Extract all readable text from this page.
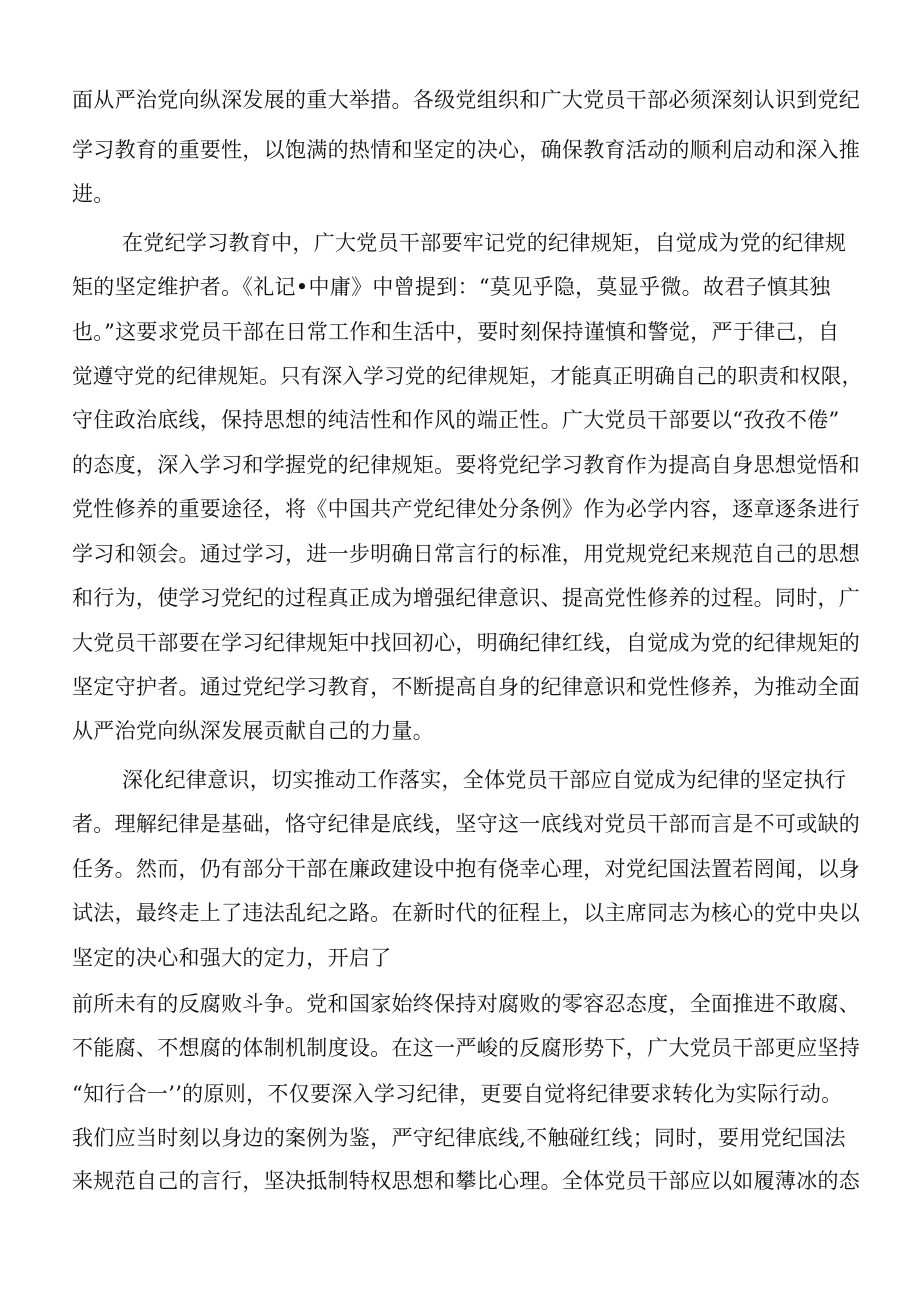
面从严治党向纵深发展的重大举措。各级党组织和广大党员干部必须深刻认识到党纪
学习教育的重要性，以饱满的热情和坚定的决心，确保教育活动的顺利启动和深入推
进。
在党纪学习教育中，广大党员干部要牢记党的纪律规矩，自觉成为党的纪律规
矩的坚定维护者。《礼记•中庸》中曾提到：“莫见乎隐，莫显乎微。故君子慎其独
也。”这要求党员干部在日常工作和生活中，要时刻保持谨慎和警觉，严于律己，自
觉遵守党的纪律规矩。只有深入学习党的纪律规矩，才能真正明确自己的职责和权限，
守住政治底线，保持思想的纯洁性和作风的端正性。广大党员干部要以“孜孜不倦”
的态度，深入学习和学握党的纪律规矩。要将党纪学习教育作为提高自身思想觉悟和
党性修养的重要途径，将《中国共产党纪律处分条例》作为必学内容，逐章逐条进行
学习和领会。通过学习，进一步明确日常言行的标准，用党规党纪来规范自己的思想
和行为，使学习党纪的过程真正成为增强纪律意识、提高党性修养的过程。同时，广
大党员干部要在学习纪律规矩中找回初心，明确纪律红线，自觉成为党的纪律规矩的
坚定守护者。通过党纪学习教育，不断提高自身的纪律意识和党性修养，为推动全面
从严治党向纵深发展贡献自己的力量。
深化纪律意识，切实推动工作落实，全体党员干部应自觉成为纪律的坚定执行
者。理解纪律是基础，恪守纪律是底线，坚守这一底线对党员干部而言是不可或缺的
任务。然而，仍有部分干部在廉政建设中抱有侥幸心理，对党纪国法置若罔闻，以身
试法，最终走上了违法乱纪之路。在新时代的征程上，以主席同志为核心的党中央以
坚定的决心和强大的定力，开启了
前所未有的反腐败斗争。党和国家始终保持对腐败的零容忍态度，全面推进不敢腐、
不能腐、不想腐的体制机制度设。在这一严峻的反腐形势下，广大党员干部更应坚持
“知行合一’’的原则，不仅要深入学习纪律，更要自觉将纪律要求转化为实际行动。
我们应当时刻以身边的案例为鉴，严守纪律底线,不触碰红线；同时，要用党纪国法
来规范自己的言行，坚决抵制特权思想和攀比心理。全体党员干部应以如履薄冰的态
